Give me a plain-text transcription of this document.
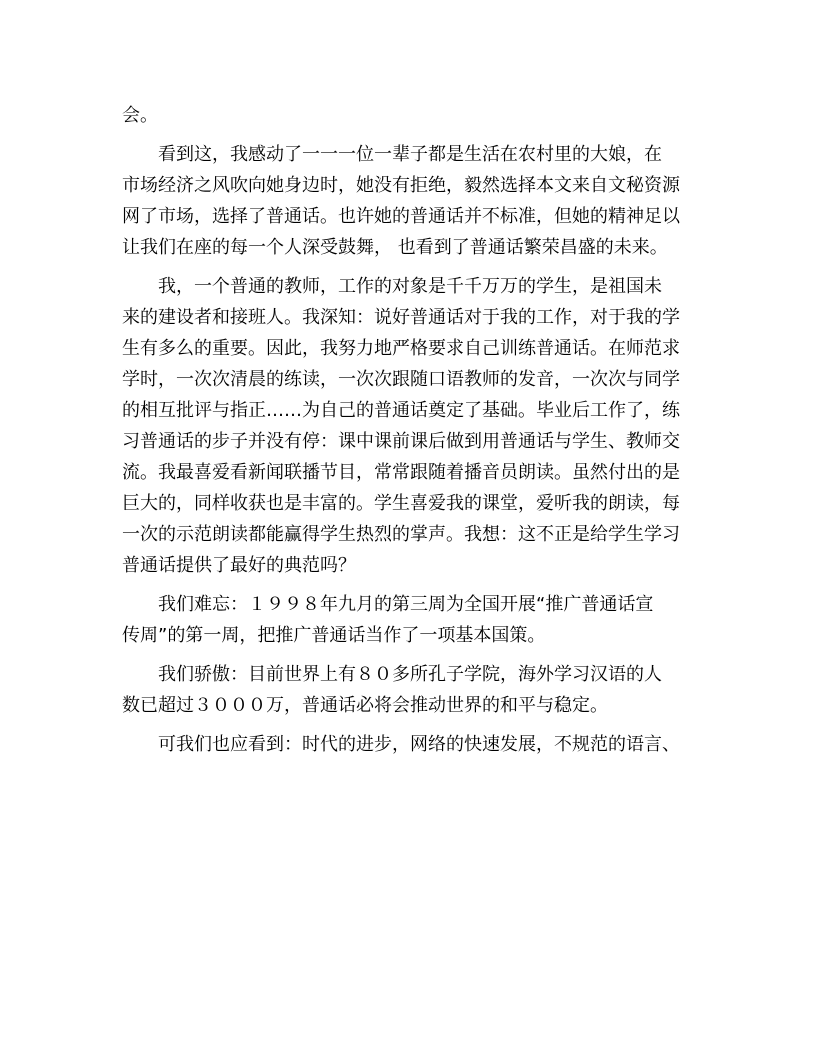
会。
看到这，我感动了一一一位一辈子都是生活在农村里的大娘，在
市场经济之风吹向她身边时，她没有拒绝，毅然选择本文来自文秘资源
网了市场，选择了普通话。也许她的普通话并不标准，但她的精神足以
让我们在座的每一个人深受鼓舞， 也看到了普通话繁荣昌盛的未来。
我，一个普通的教师，工作的对象是千千万万的学生，是祖国未
来的建设者和接班人。我深知：说好普通话对于我的工作，对于我的学
生有多么的重要。因此，我努力地严格要求自己训练普通话。在师范求
学时，一次次清晨的练读，一次次跟随口语教师的发音，一次次与同学
的相互批评与指正……为自己的普通话奠定了基础。毕业后工作了，练
习普通话的步子并没有停：课中课前课后做到用普通话与学生、教师交
流。我最喜爱看新闻联播节目，常常跟随着播音员朗读。虽然付出的是
巨大的，同样收获也是丰富的。学生喜爱我的课堂，爱听我的朗读，每
一次的示范朗读都能赢得学生热烈的掌声。我想：这不正是给学生学习
普通话提供了最好的典范吗？
我们难忘：１９９８年九月的第三周为全国开展“推广普通话宣
传周”的第一周，把推广普通话当作了一项基本国策。
我们骄傲：目前世界上有８０多所孔子学院，海外学习汉语的人
数已超过３０００万，普通话必将会推动世界的和平与稳定。
可我们也应看到：时代的进步，网络的快速发展，不规范的语言、
